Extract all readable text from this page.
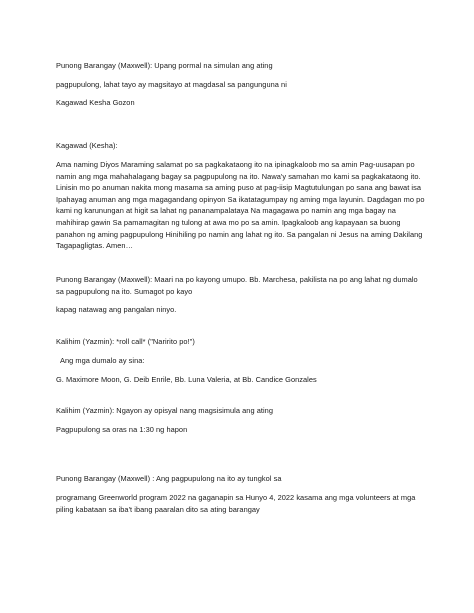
Punong Barangay (Maxwell): Upang pormal na simulan ang ating

pagpupulong, lahat tayo ay magsitayo at magdasal sa pangunguna ni

Kagawad Kesha Gozon

Kagawad (Kesha):

Ama naming Diyos Maraming salamat po sa pagkakataong ito na ipinagkaloob mo sa amin Pag-uusapan po namin ang mga mahahalagang bagay sa pagpupulong na ito. Nawa'y samahan mo kami sa pagkakataong ito. Linisin mo po anuman nakita mong masama sa aming puso at pag-iisip Magtutulungan po sana ang bawat isa Ipahayag anuman ang mga magagandang opinyon Sa ikatatagumpay ng aming mga layunin. Dagdagan mo po kami ng karunungan at higit sa lahat ng pananampalataya Na magagawa po namin ang mga bagay na mahihirap gawin Sa pamamagitan ng tulong at awa mo po sa amin. Ipagkaloob ang kapayaan sa buong panahon ng aming pagpupulong Hinihiling po namin ang lahat ng ito. Sa pangalan ni Jesus na aming Dakilang Tagapagligtas. Amen…

Punong Barangay (Maxwell): Maari na po kayong umupo. Bb. Marchesa, pakilista na po ang lahat ng dumalo sa pagpupulong na ito. Sumagot po kayo

kapag natawag ang pangalan ninyo.

Kalihim (Yazmin): *roll call* ("Naririto po!")

Ang mga dumalo ay sina:

G. Maximore Moon, G. Deib Enrile, Bb. Luna Valeria, at Bb. Candice Gonzales

Kalihim (Yazmin): Ngayon ay opisyal nang magsisimula ang ating

Pagpupulong sa oras na 1:30 ng hapon

Punong Barangay (Maxwell) : Ang pagpupulong na ito ay tungkol sa

programang Greenworld program 2022 na gaganapin sa Hunyo 4, 2022 kasama ang mga volunteers at mga piling kabataan sa iba't ibang paaralan dito sa ating barangay
